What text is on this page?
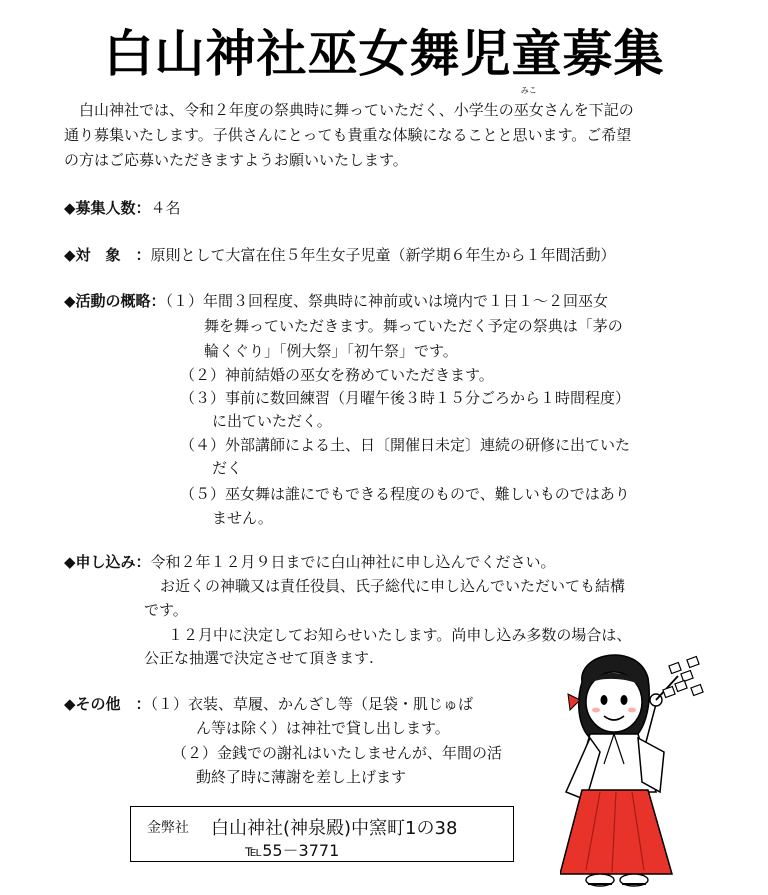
白山神社巫女舞児童募集

白山神社では、令和２年度の祭典時に舞っていただく、小学生の
みこ
巫女さんを下記の

通り募集いたします。子供さんにとっても貴重な体験になることと思います。ご希望

の方はご応募いただきますようお願いいたします。

◆募集人数：４名
◆対　象　：原則として大富在住５年生女子児童（新学期６年生から１年間活動）
◆活動の概略：（１）年間３回程度、祭典時に神前或いは境内で１日１～２回巫女
舞を舞っていただきます。舞っていただく予定の祭典は「茅の
輪くぐり」「例大祭」「初午祭」です。
（２）神前結婚の巫女を務めていただきます。
（３）事前に数回練習（月曜午後３時１５分ごろから１時間程度）
に出ていただく。
（４）外部講師による土、日〔開催日未定〕連続の研修に出ていた
だく
（５）巫女舞は誰にでもできる程度のもので、難しいものではあり
ません。
◆申し込み：令和２年１２月９日までに白山神社に申し込んでください。
お近くの神職又は責任役員、氏子総代に申し込んでいただいても結構
です。
１２月中に決定してお知らせいたします。尚申し込み多数の場合は、
公正な抽選で決定させて頂きます.
◆その他　：（１）衣装、草履、かんざし等（足袋・肌じゅば
ん等は除く）は神社で貸し出します。
（２）金銭での謝礼はいたしませんが、年間の活
動終了時に薄謝を差し上げます
金弊社 白山神社(神泉殿)中窯町1の38
℡55－3771
